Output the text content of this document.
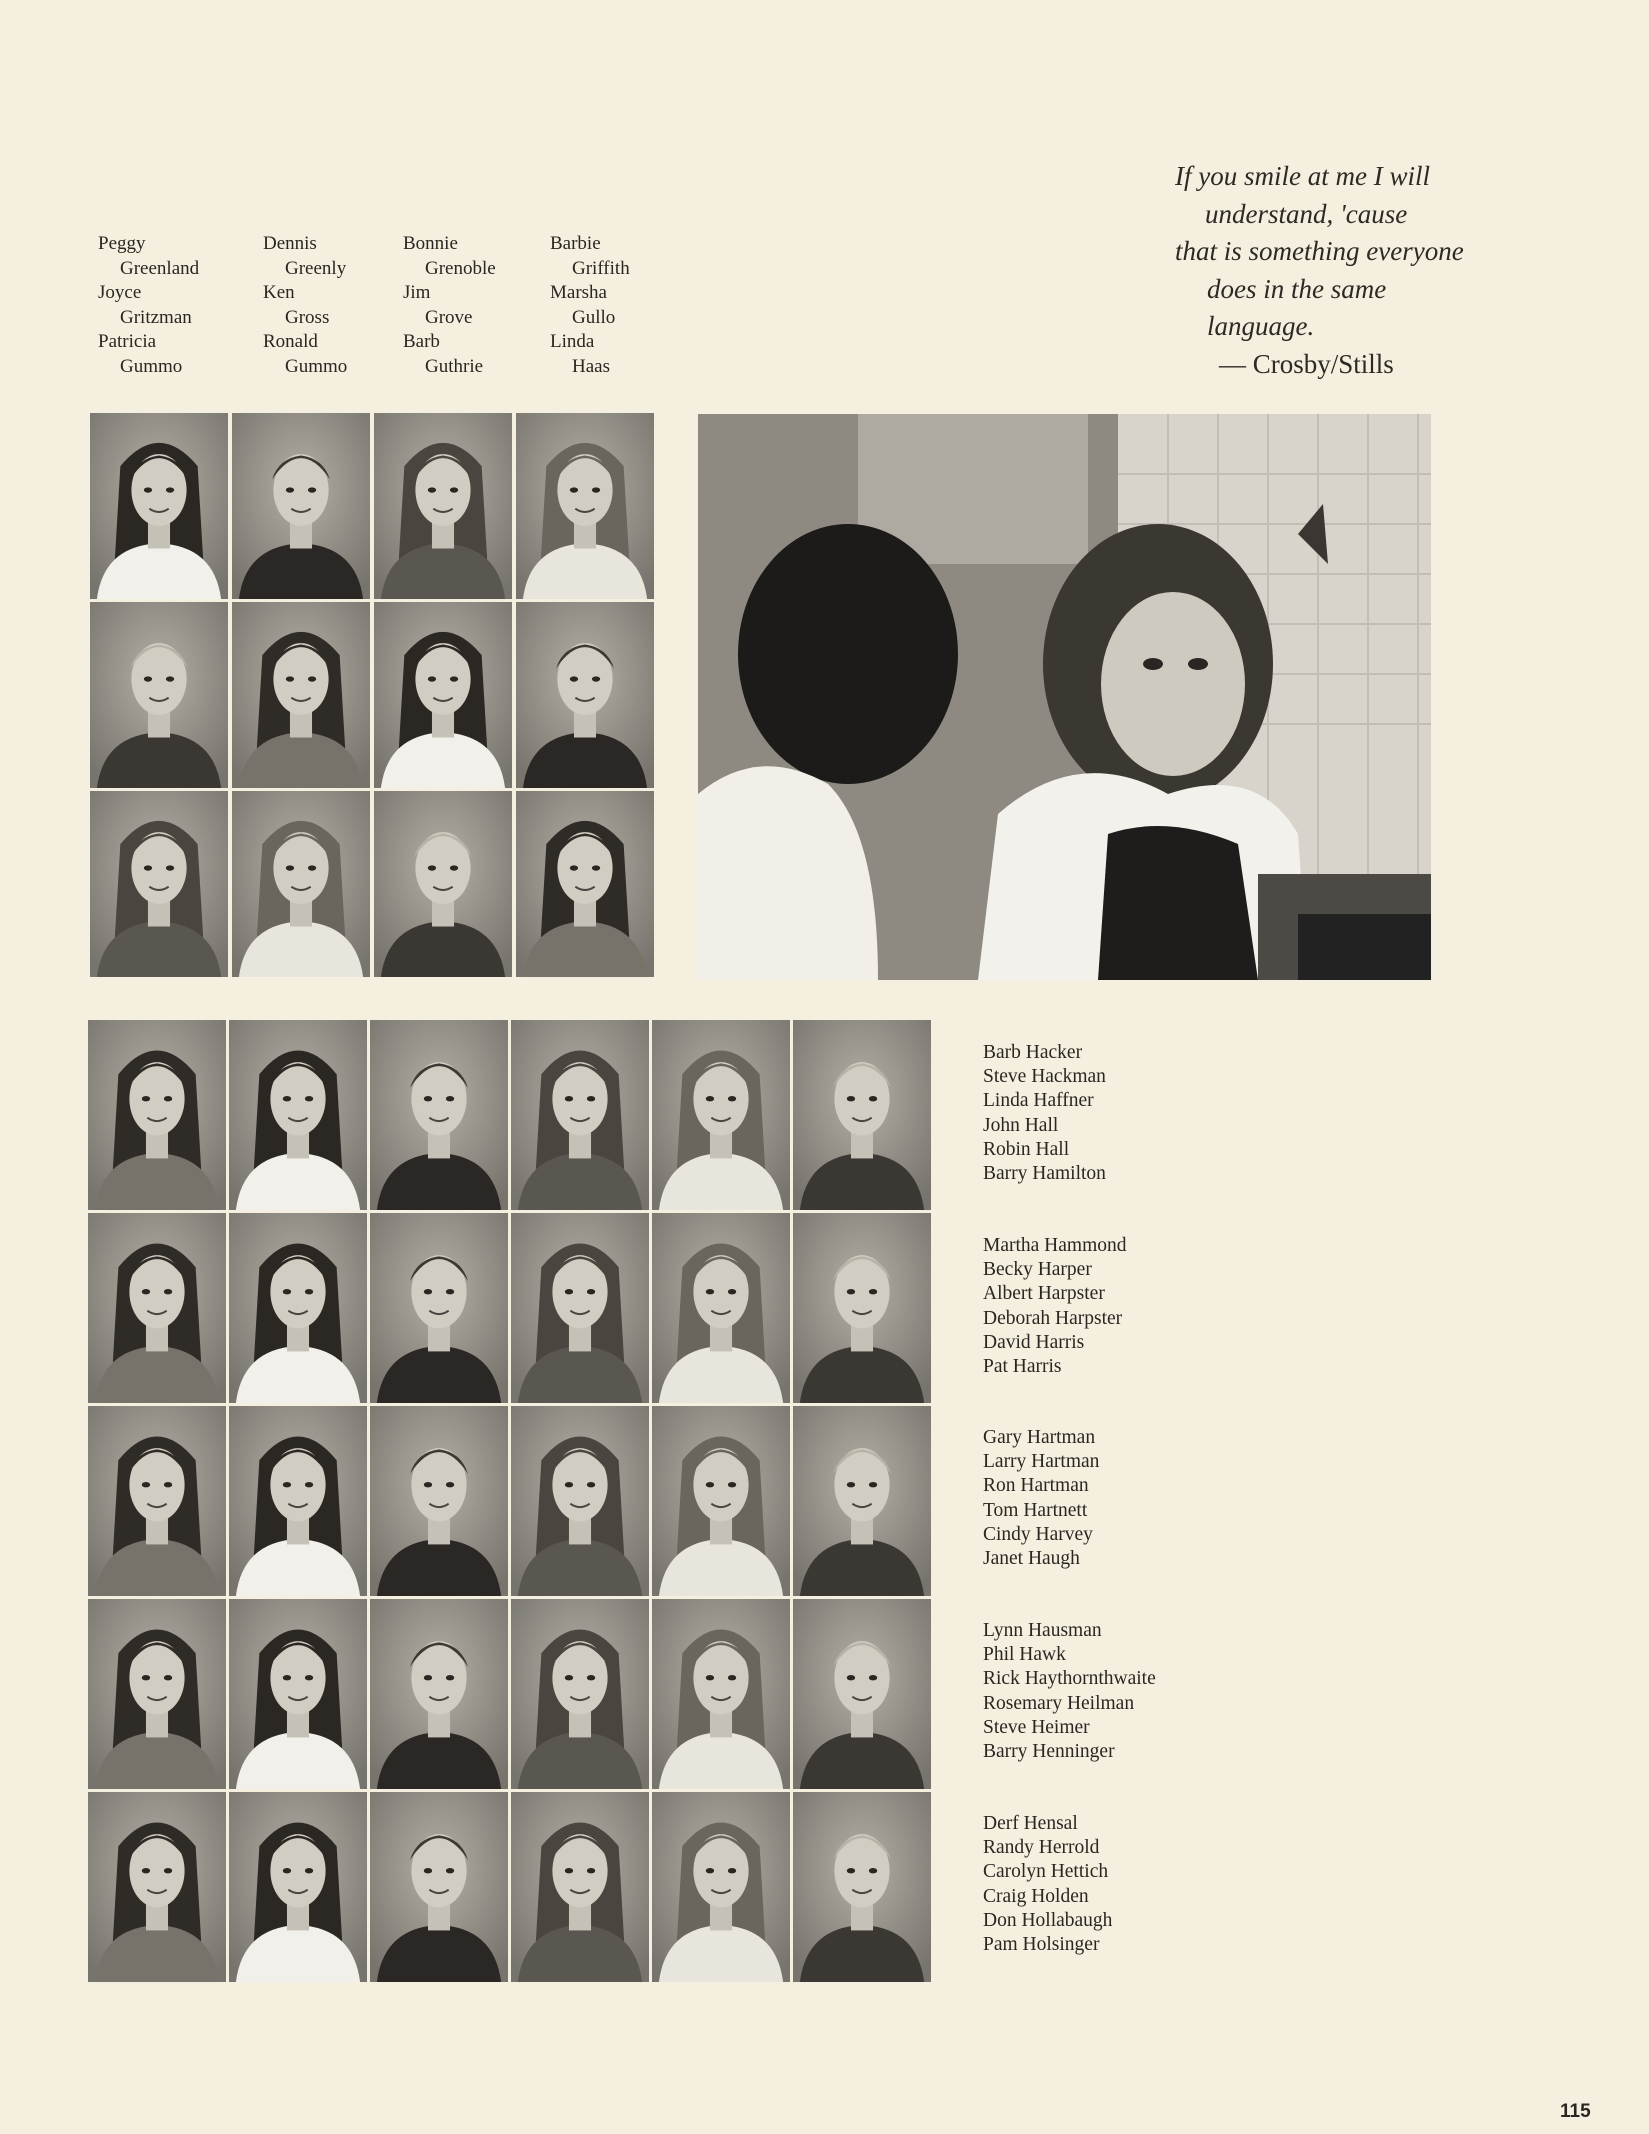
Peggy
Greenland
Joyce
Gritzman
Patricia
Gummo
Dennis
Greenly
Ken
Gross
Ronald
Gummo
Bonnie
Grenoble
Jim
Grove
Barb
Guthrie
Barbie
Griffith
Marsha
Gullo
Linda
Haas
If you smile at me I will
understand, 'cause
that is something everyone
does in the same
language.
— Crosby/Stills
Barb Hacker
Steve Hackman
Linda Haffner
John Hall
Robin Hall
Barry Hamilton
Martha Hammond
Becky Harper
Albert Harpster
Deborah Harpster
David Harris
Pat Harris
Gary Hartman
Larry Hartman
Ron Hartman
Tom Hartnett
Cindy Harvey
Janet Haugh
Lynn Hausman
Phil Hawk
Rick Haythornthwaite
Rosemary Heilman
Steve Heimer
Barry Henninger
Derf Hensal
Randy Herrold
Carolyn Hettich
Craig Holden
Don Hollabaugh
Pam Holsinger
115
